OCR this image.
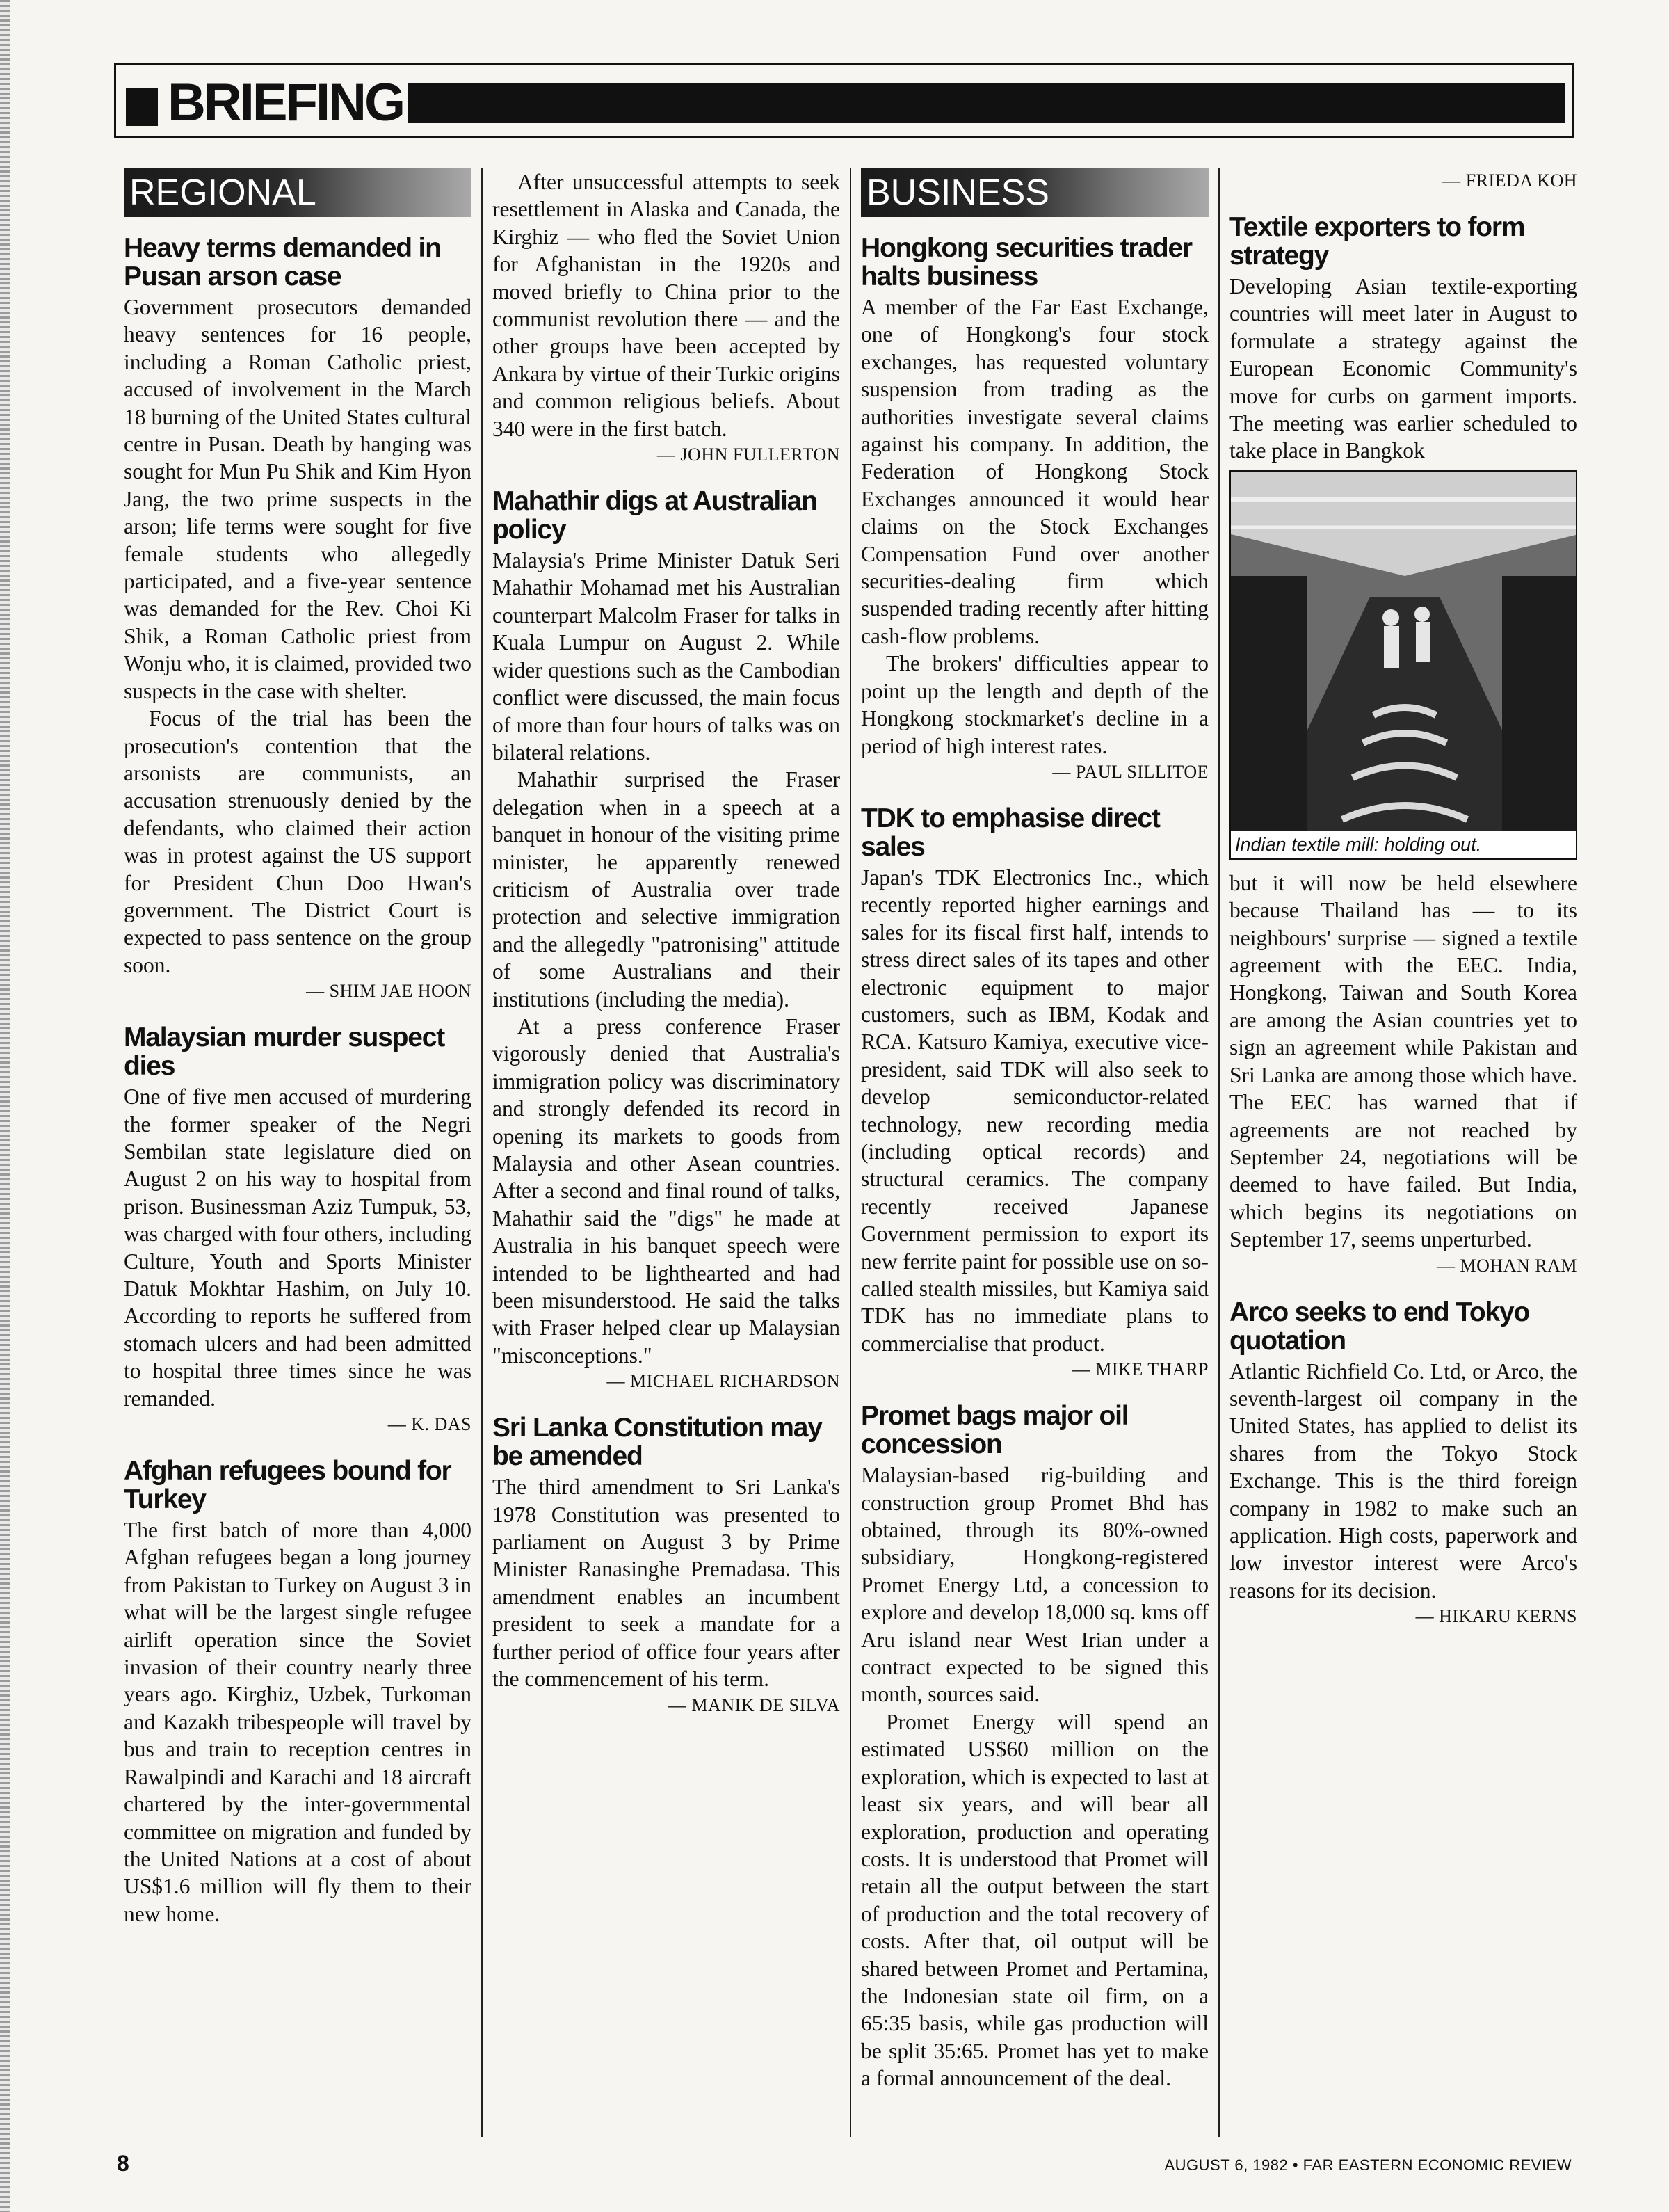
BRIEFING
REGIONAL
Heavy terms demanded in Pusan arson case

Government prosecutors demanded heavy sentences for 16 people, including a Roman Catholic priest, accused of involvement in the March 18 burning of the United States cultural centre in Pusan. Death by hanging was sought for Mun Pu Shik and Kim Hyon Jang, the two prime suspects in the arson; life terms were sought for five female students who allegedly participated, and a five-year sentence was demanded for the Rev. Choi Ki Shik, a Roman Catholic priest from Wonju who, it is claimed, provided two suspects in the case with shelter.

Focus of the trial has been the prosecution's contention that the arsonists are communists, an accusation strenuously denied by the defendants, who claimed their action was in protest against the US support for President Chun Doo Hwan's government. The District Court is expected to pass sentence on the group soon.

— SHIM JAE HOON
Malaysian murder suspect dies

One of five men accused of murdering the former speaker of the Negri Sembilan state legislature died on August 2 on his way to hospital from prison. Businessman Aziz Tumpuk, 53, was charged with four others, including Culture, Youth and Sports Minister Datuk Mokhtar Hashim, on July 10. According to reports he suffered from stomach ulcers and had been admitted to hospital three times since he was remanded.

— K. DAS
Afghan refugees bound for Turkey

The first batch of more than 4,000 Afghan refugees began a long journey from Pakistan to Turkey on August 3 in what will be the largest single refugee airlift operation since the Soviet invasion of their country nearly three years ago. Kirghiz, Uzbek, Turkoman and Kazakh tribespeople will travel by bus and train to reception centres in Rawalpindi and Karachi and 18 aircraft chartered by the inter-governmental committee on migration and funded by the United Nations at a cost of about US$1.6 million will fly them to their new home.

After unsuccessful attempts to seek resettlement in Alaska and Canada, the Kirghiz — who fled the Soviet Union for Afghanistan in the 1920s and moved briefly to China prior to the communist revolution there — and the other groups have been accepted by Ankara by virtue of their Turkic origins and common religious beliefs. About 340 were in the first batch.

— JOHN FULLERTON
Mahathir digs at Australian policy

Malaysia's Prime Minister Datuk Seri Mahathir Mohamad met his Australian counterpart Malcolm Fraser for talks in Kuala Lumpur on August 2. While wider questions such as the Cambodian conflict were discussed, the main focus of more than four hours of talks was on bilateral relations.

Mahathir surprised the Fraser delegation when in a speech at a banquet in honour of the visiting prime minister, he apparently renewed criticism of Australia over trade protection and selective immigration and the allegedly "patronising" attitude of some Australians and their institutions (including the media).

At a press conference Fraser vigorously denied that Australia's immigration policy was discriminatory and strongly defended its record in opening its markets to goods from Malaysia and other Asean countries. After a second and final round of talks, Mahathir said the "digs" he made at Australia in his banquet speech were intended to be lighthearted and had been misunderstood. He said the talks with Fraser helped clear up Malaysian "misconceptions."

— MICHAEL RICHARDSON
Sri Lanka Constitution may be amended

The third amendment to Sri Lanka's 1978 Constitution was presented to parliament on August 3 by Prime Minister Ranasinghe Premadasa. This amendment enables an incumbent president to seek a mandate for a further period of office four years after the commencement of his term.

— MANIK DE SILVA
BUSINESS
Hongkong securities trader halts business

A member of the Far East Exchange, one of Hongkong's four stock exchanges, has requested voluntary suspension from trading as the authorities investigate several claims against his company. In addition, the Federation of Hongkong Stock Exchanges announced it would hear claims on the Stock Exchanges Compensation Fund over another securities-dealing firm which suspended trading recently after hitting cash-flow problems.

The brokers' difficulties appear to point up the length and depth of the Hongkong stockmarket's decline in a period of high interest rates.

— PAUL SILLITOE
TDK to emphasise direct sales

Japan's TDK Electronics Inc., which recently reported higher earnings and sales for its fiscal first half, intends to stress direct sales of its tapes and other electronic equipment to major customers, such as IBM, Kodak and RCA. Katsuro Kamiya, executive vice-president, said TDK will also seek to develop semiconductor-related technology, new recording media (including optical records) and structural ceramics. The company recently received Japanese Government permission to export its new ferrite paint for possible use on so-called stealth missiles, but Kamiya said TDK has no immediate plans to commercialise that product.

— MIKE THARP
Promet bags major oil concession

Malaysian-based rig-building and construction group Promet Bhd has obtained, through its 80%-owned subsidiary, Hongkong-registered Promet Energy Ltd, a concession to explore and develop 18,000 sq. kms off Aru island near West Irian under a contract expected to be signed this month, sources said.

Promet Energy will spend an estimated US$60 million on the exploration, which is expected to last at least six years, and will bear all exploration, production and operating costs. It is understood that Promet will retain all the output between the start of production and the total recovery of costs. After that, oil output will be shared between Promet and Pertamina, the Indonesian state oil firm, on a 65:35 basis, while gas production will be split 35:65. Promet has yet to make a formal announcement of the deal.

— FRIEDA KOH
Textile exporters to form strategy

Developing Asian textile-exporting countries will meet later in August to formulate a strategy against the European Economic Community's move for curbs on garment imports. The meeting was earlier scheduled to take place in Bangkok

Indian textile mill: holding out.

but it will now be held elsewhere because Thailand has — to its neighbours' surprise — signed a textile agreement with the EEC. India, Hongkong, Taiwan and South Korea are among the Asian countries yet to sign an agreement while Pakistan and Sri Lanka are among those which have. The EEC has warned that if agreements are not reached by September 24, negotiations will be deemed to have failed. But India, which begins its negotiations on September 17, seems unperturbed.

— MOHAN RAM
Arco seeks to end Tokyo quotation

Atlantic Richfield Co. Ltd, or Arco, the seventh-largest oil company in the United States, has applied to delist its shares from the Tokyo Stock Exchange. This is the third foreign company in 1982 to make such an application. High costs, paperwork and low investor interest were Arco's reasons for its decision.

— HIKARU KERNS
8	AUGUST 6, 1982 • FAR EASTERN ECONOMIC REVIEW
